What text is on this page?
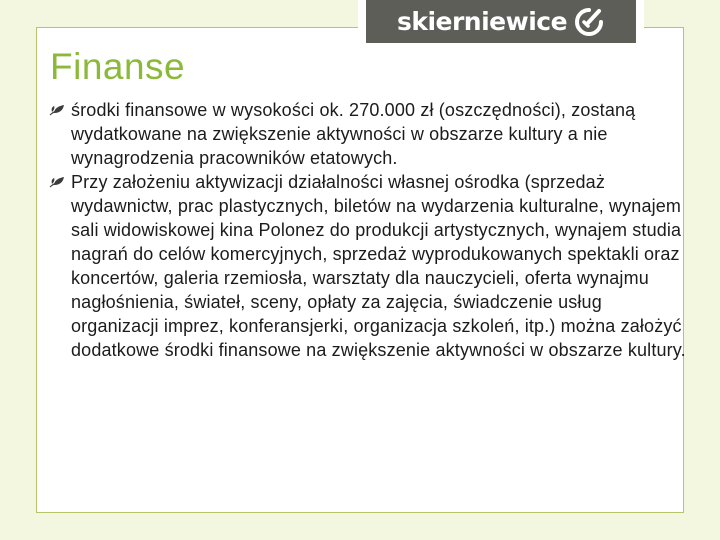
skierniewice
Finanse
środki finansowe w wysokości ok. 270.000 zł (oszczędności), zostaną wydatkowane na zwiększenie aktywności w obszarze kultury a nie wynagrodzenia pracowników etatowych.
Przy założeniu aktywizacji działalności własnej ośrodka (sprzedaż wydawnictw, prac plastycznych, biletów na wydarzenia kulturalne, wynajem sali widowiskowej kina Polonez do produkcji artystycznych, wynajem studia nagrań do celów komercyjnych, sprzedaż wyprodukowanych spektakli oraz koncertów, galeria rzemiosła, warsztaty dla nauczycieli, oferta wynajmu nagłośnienia, świateł, sceny, opłaty za zajęcia, świadczenie usług organizacji imprez, konferansjerki, organizacja szkoleń, itp.) można założyć dodatkowe środki finansowe na zwiększenie aktywności w obszarze kultury.
